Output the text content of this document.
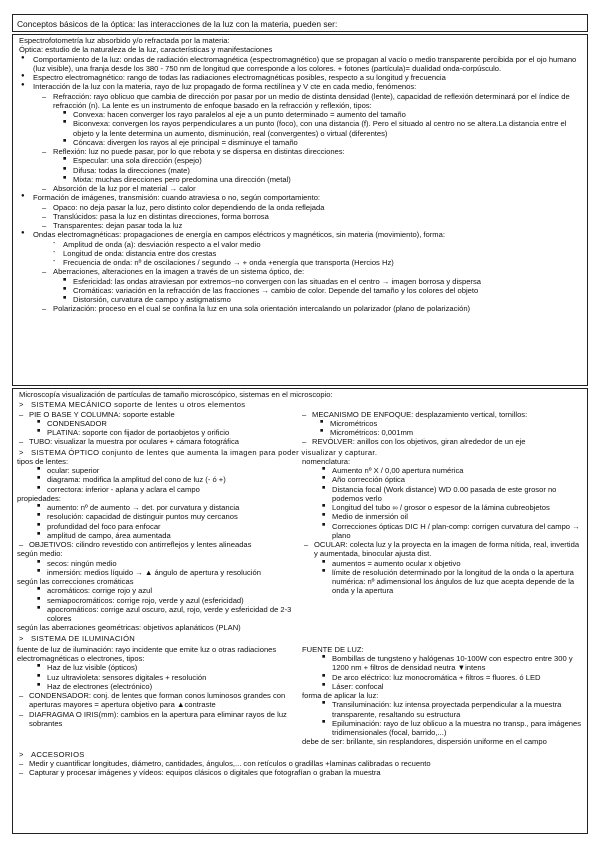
Conceptos básicos de la óptica: las interacciones de la luz con la materia, pueden ser:
Espectrofotometría luz absorbido y/o refractada por la materia:
Óptica: estudio de la naturaleza de la luz, características y manifestaciones
● Comportamiento de la luz: ondas de radiación electromagnética (espectromagnético) que se propagan al vacío o medio transparente percibida por el ojo humano (luz visible), una franja desde los 380 - 750 nm de longitud que corresponde a los colores. + fotones (partícula)= dualidad onda-corpúsculo.
● Espectro electromagnético: rango de todas las radiaciones electromagnéticas posibles, respecto a su longitud y frecuencia
● Interacción de la luz con la materia, rayo de luz propagado de forma rectilínea y V cte en cada medio, fenómenos:
– Refracción: rayo oblicuo que cambia de dirección por pasar por un medio de distinta densidad (lente), capacidad de reflexión determinará por el índice de refracción (n). La lente es un instrumento de enfoque basado en la refracción y reflexión, tipos:
■ Convexa: hacen converger los rayo paralelos al eje a un punto determinado = aumento del tamaño
■ Biconvexa: convergen los rayos perpendiculares a un punto (foco), con una distancia (f). Pero el situado al centro no se altera.La distancia entre el objeto y la lente determina un aumento, disminución, real (convergentes) o virtual (diferentes)
■ Cóncava: divergen los rayos al eje principal = disminuye el tamaño
– Reflexión: luz no puede pasar, por lo que rebota y se dispersa en distintas direcciones:
■ Especular: una sola dirección (espejo)
■ Difusa: todas la direcciones (mate)
■ Mixta: muchas direcciones pero predomina una dirección (metal)
– Absorción de la luz por el material → calor
● Formación de imágenes, transmisión: cuando atraviesa o no, según comportamiento:
– Opaco: no deja pasar la luz, pero distinto color dependiendo de la onda reflejada
– Translúcidos: pasa la luz en distintas direcciones, forma borrosa
– Transparentes: dejan pasar toda la luz
● Ondas electromagnéticas: propagaciones de energía en campos eléctricos y magnéticos, sin materia (movimiento), forma:
- Amplitud de onda (a): desviación respecto a el valor medio
- Longitud de onda: distancia entre dos crestas
- Frecuencia de onda: nº de oscilaciones / segundo → + onda +energía que transporta (Hercios Hz)
– Aberraciones, alteraciones en la imagen a través de un sistema óptico, de:
■ Esfericidad: las ondas atraviesan por extremos~no convergen con las situadas en el centro → imagen borrosa y dispersa
■ Cromáticas: variación en la refracción de las fracciones → cambio de color. Depende del tamaño y los colores del objeto
■ Distorsión, curvatura de campo y astigmatismo
– Polarización: proceso en el cual se confina la luz en una sola orientación intercalando un polarizador (plano de polarización)
Microscopía visualización de partículas de tamaño microscópico, sistemas en el microscopio:
> SISTEMA MECÁNICO soporte de lentes u otros elementos
– PIE O BASE Y COLUMNA: soporte estable
■ CONDENSADOR
■ PLATINA: soporte con fijador de portaobjetos y orificio
– TUBO: visualizar la muestra por oculares + cámara fotográfica
– MECANISMO DE ENFOQUE: desplazamiento vertical, tornillos:
■ Micrométricos
■ Micrométricos: 0,001mm
– REVÓLVER: anillos con los objetivos, giran alrededor de un eje
> SISTEMA ÓPTICO conjunto de lentes que aumenta la imagen para poder visualizar y capturar.
tipos de lentes:
■ ocular: superior
■ diagrama: modifica la amplitud del cono de luz (- ó +)
■ correctora: inferior - aplana y aclara el campo
propiedades:
■ aumento: nº de aumento → det. por curvatura y distancia
■ resolución: capacidad de distinguir puntos muy cercanos
■ profundidad del foco para enfocar
■ amplitud de campo, área aumentada
– OBJETIVOS: cilindro revestido con antirreflejos y lentes alineadas
según medio:
■ secos: ningún medio
■ inmersión: medios líquido → ▲ ángulo de apertura y resolución
según las correcciones cromáticas
■ acromáticos: corrige rojo y azul
■ semiapocromáticos: corrige rojo, verde y azul (esfericidad)
■ apocromáticos: corrige azul oscuro, azul, rojo, verde y esfericidad de 2-3 colores
según las aberraciones geométricas: objetivos aplanáticos (PLAN)
nomenclatura:
■ Aumento nº X / 0,00 apertura numérica
■ Año corrección óptica
■ Distancia focal (Work distance) WD 0.00 pasada de este grosor no podemos verlo
■ Longitud del tubo ∞ / grosor o espesor de la lámina cubreobjetos
■ Medio de inmersión oil
■ Correcciones ópticas DIC H / plan-comp: corrigen curvatura del campo → plano
– OCULAR: colecta luz y la proyecta en la imagen de forma nítida, real, invertida y aumentada, binocular ajusta dist.
■ aumentos = aumento ocular x objetivo
■ límite de resolución determinado por la longitud de la onda o la apertura numérica: nº adimensional los ángulos de luz que acepta depende de la onda y la apertura
> SISTEMA DE ILUMINACIÓN
fuente de luz de iluminación: rayo incidente que emite luz o otras radiaciones electromagnéticas o electrones, tipos:
■ Haz de luz visible (ópticos)
■ Luz ultravioleta: sensores digitales + resolución
■ Haz de electrones (electrónico)
– CONDENSADOR: conj. de lentes que forman conos luminosos grandes con aperturas mayores = apertura objetivo para ▲contraste
– DIAFRAGMA O IRIS(mm): cambios en la apertura para eliminar rayos de luz sobrantes
FUENTE DE LUZ:
■ Bombillas de tungsteno y halógenas 10-100W con espectro entre 300 y 1200 nm + filtros de densidad neutra ▼intens
■ De arco eléctrico: luz monocromática + filtros = fluores. ó LED
■ Láser: confocal
forma de aplicar la luz:
■ Transiluminación: luz intensa proyectada perpendicular a la muestra transparente, resaltando su estructura
■ Epiluminación: rayo de luz oblicuo a la muestra no transp., para imágenes tridimensionales (focal, barrido,...)
debe de ser: brillante, sin resplandores, dispersión uniforme en el campo
> ACCESORIOS
– Medir y cuantificar longitudes, diámetro, cantidades, ángulos,... con retículos o gradillas +laminas calibradas o recuento
– Capturar y procesar imágenes y vídeos: equipos clásicos o digitales que fotografían o graban la muestra
